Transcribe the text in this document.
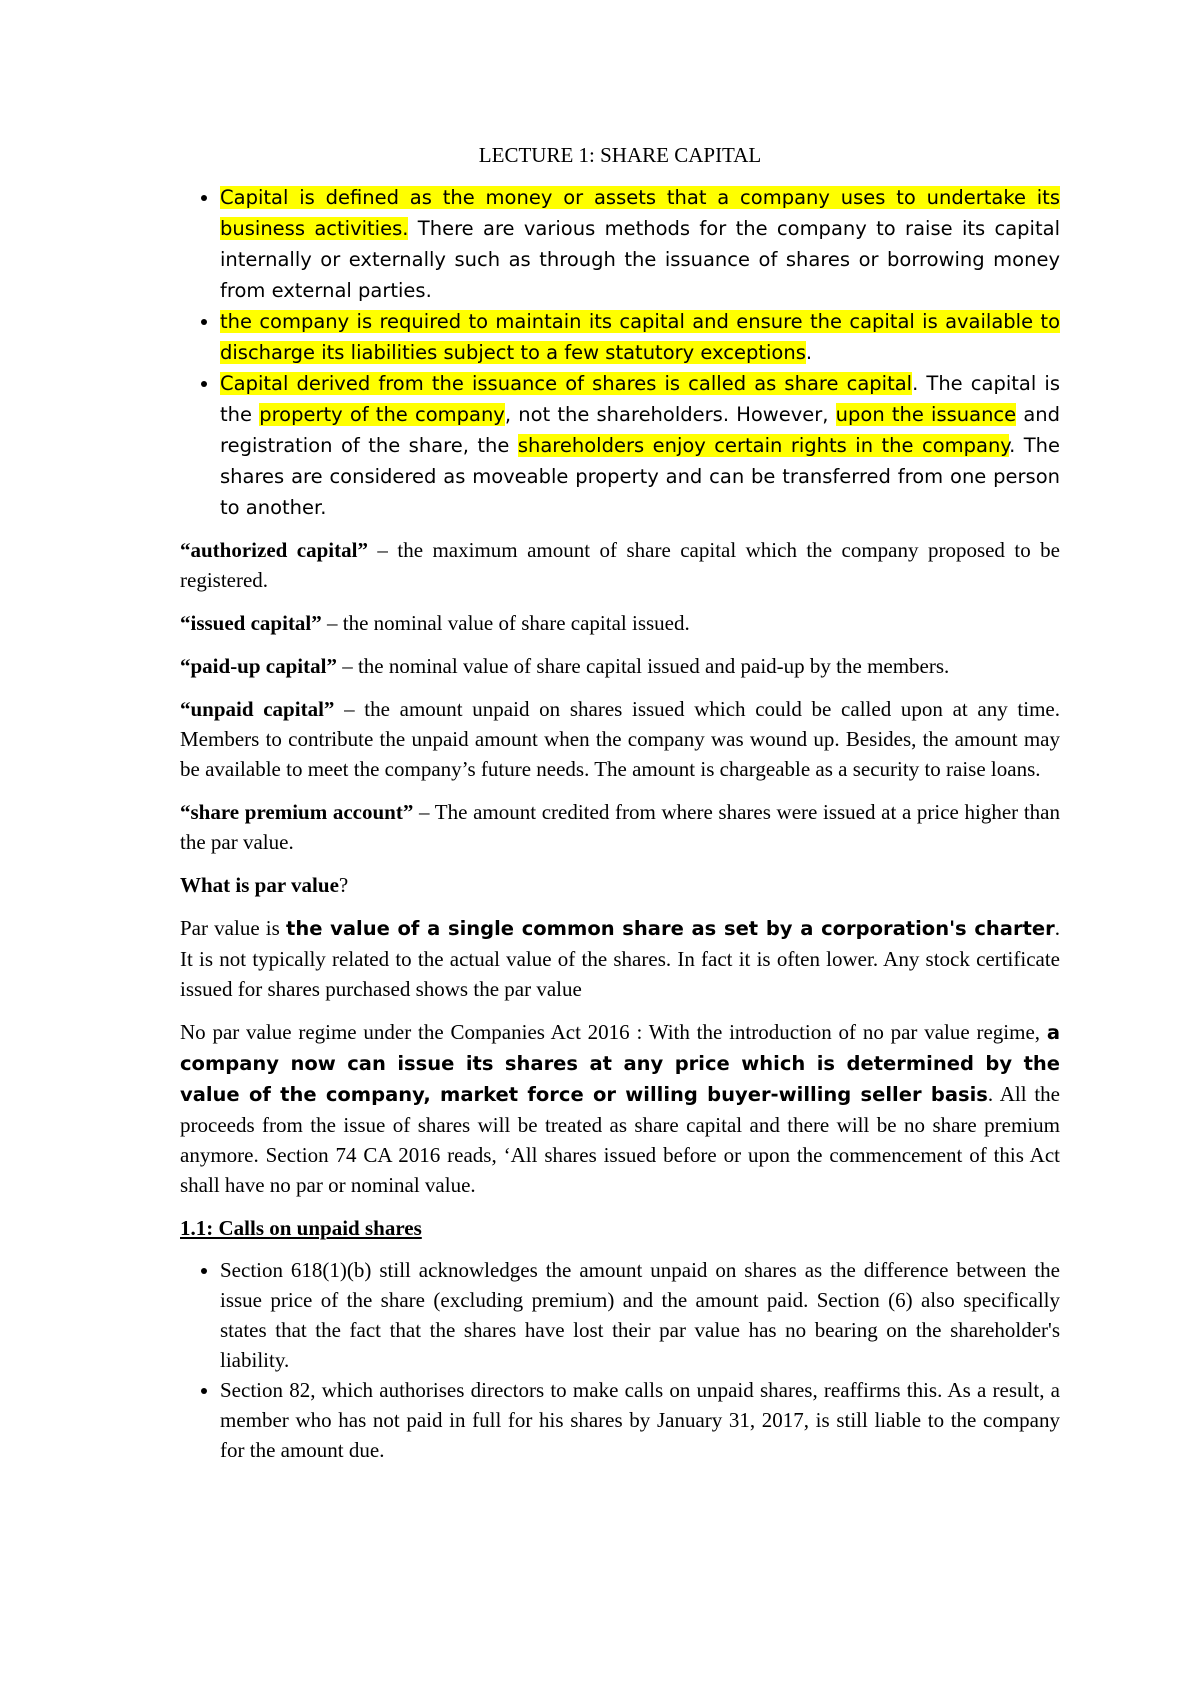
LECTURE 1: SHARE CAPITAL
• Capital is defined as the money or assets that a company uses to undertake its business activities. There are various methods for the company to raise its capital internally or externally such as through the issuance of shares or borrowing money from external parties.
• the company is required to maintain its capital and ensure the capital is available to discharge its liabilities subject to a few statutory exceptions.
• Capital derived from the issuance of shares is called as share capital. The capital is the property of the company, not the shareholders. However, upon the issuance and registration of the share, the shareholders enjoy certain rights in the company. The shares are considered as moveable property and can be transferred from one person to another.

“authorized capital” – the maximum amount of share capital which the company proposed to be registered.

“issued capital” – the nominal value of share capital issued.

“paid-up capital” – the nominal value of share capital issued and paid-up by the members.

“unpaid capital” – the amount unpaid on shares issued which could be called upon at any time. Members to contribute the unpaid amount when the company was wound up. Besides, the amount may be available to meet the company’s future needs. The amount is chargeable as a security to raise loans.

“share premium account” – The amount credited from where shares were issued at a price higher than the par value.

What is par value?

Par value is the value of a single common share as set by a corporation's charter. It is not typically related to the actual value of the shares. In fact it is often lower. Any stock certificate issued for shares purchased shows the par value

No par value regime under the Companies Act 2016 : With the introduction of no par value regime, a company now can issue its shares at any price which is determined by the value of the company, market force or willing buyer-willing seller basis. All the proceeds from the issue of shares will be treated as share capital and there will be no share premium anymore. Section 74 CA 2016 reads, ‘All shares issued before or upon the commencement of this Act shall have no par or nominal value.

1.1: Calls on unpaid shares
• Section 618(1)(b) still acknowledges the amount unpaid on shares as the difference between the issue price of the share (excluding premium) and the amount paid. Section (6) also specifically states that the fact that the shares have lost their par value has no bearing on the shareholder's liability.
• Section 82, which authorises directors to make calls on unpaid shares, reaffirms this. As a result, a member who has not paid in full for his shares by January 31, 2017, is still liable to the company for the amount due.
